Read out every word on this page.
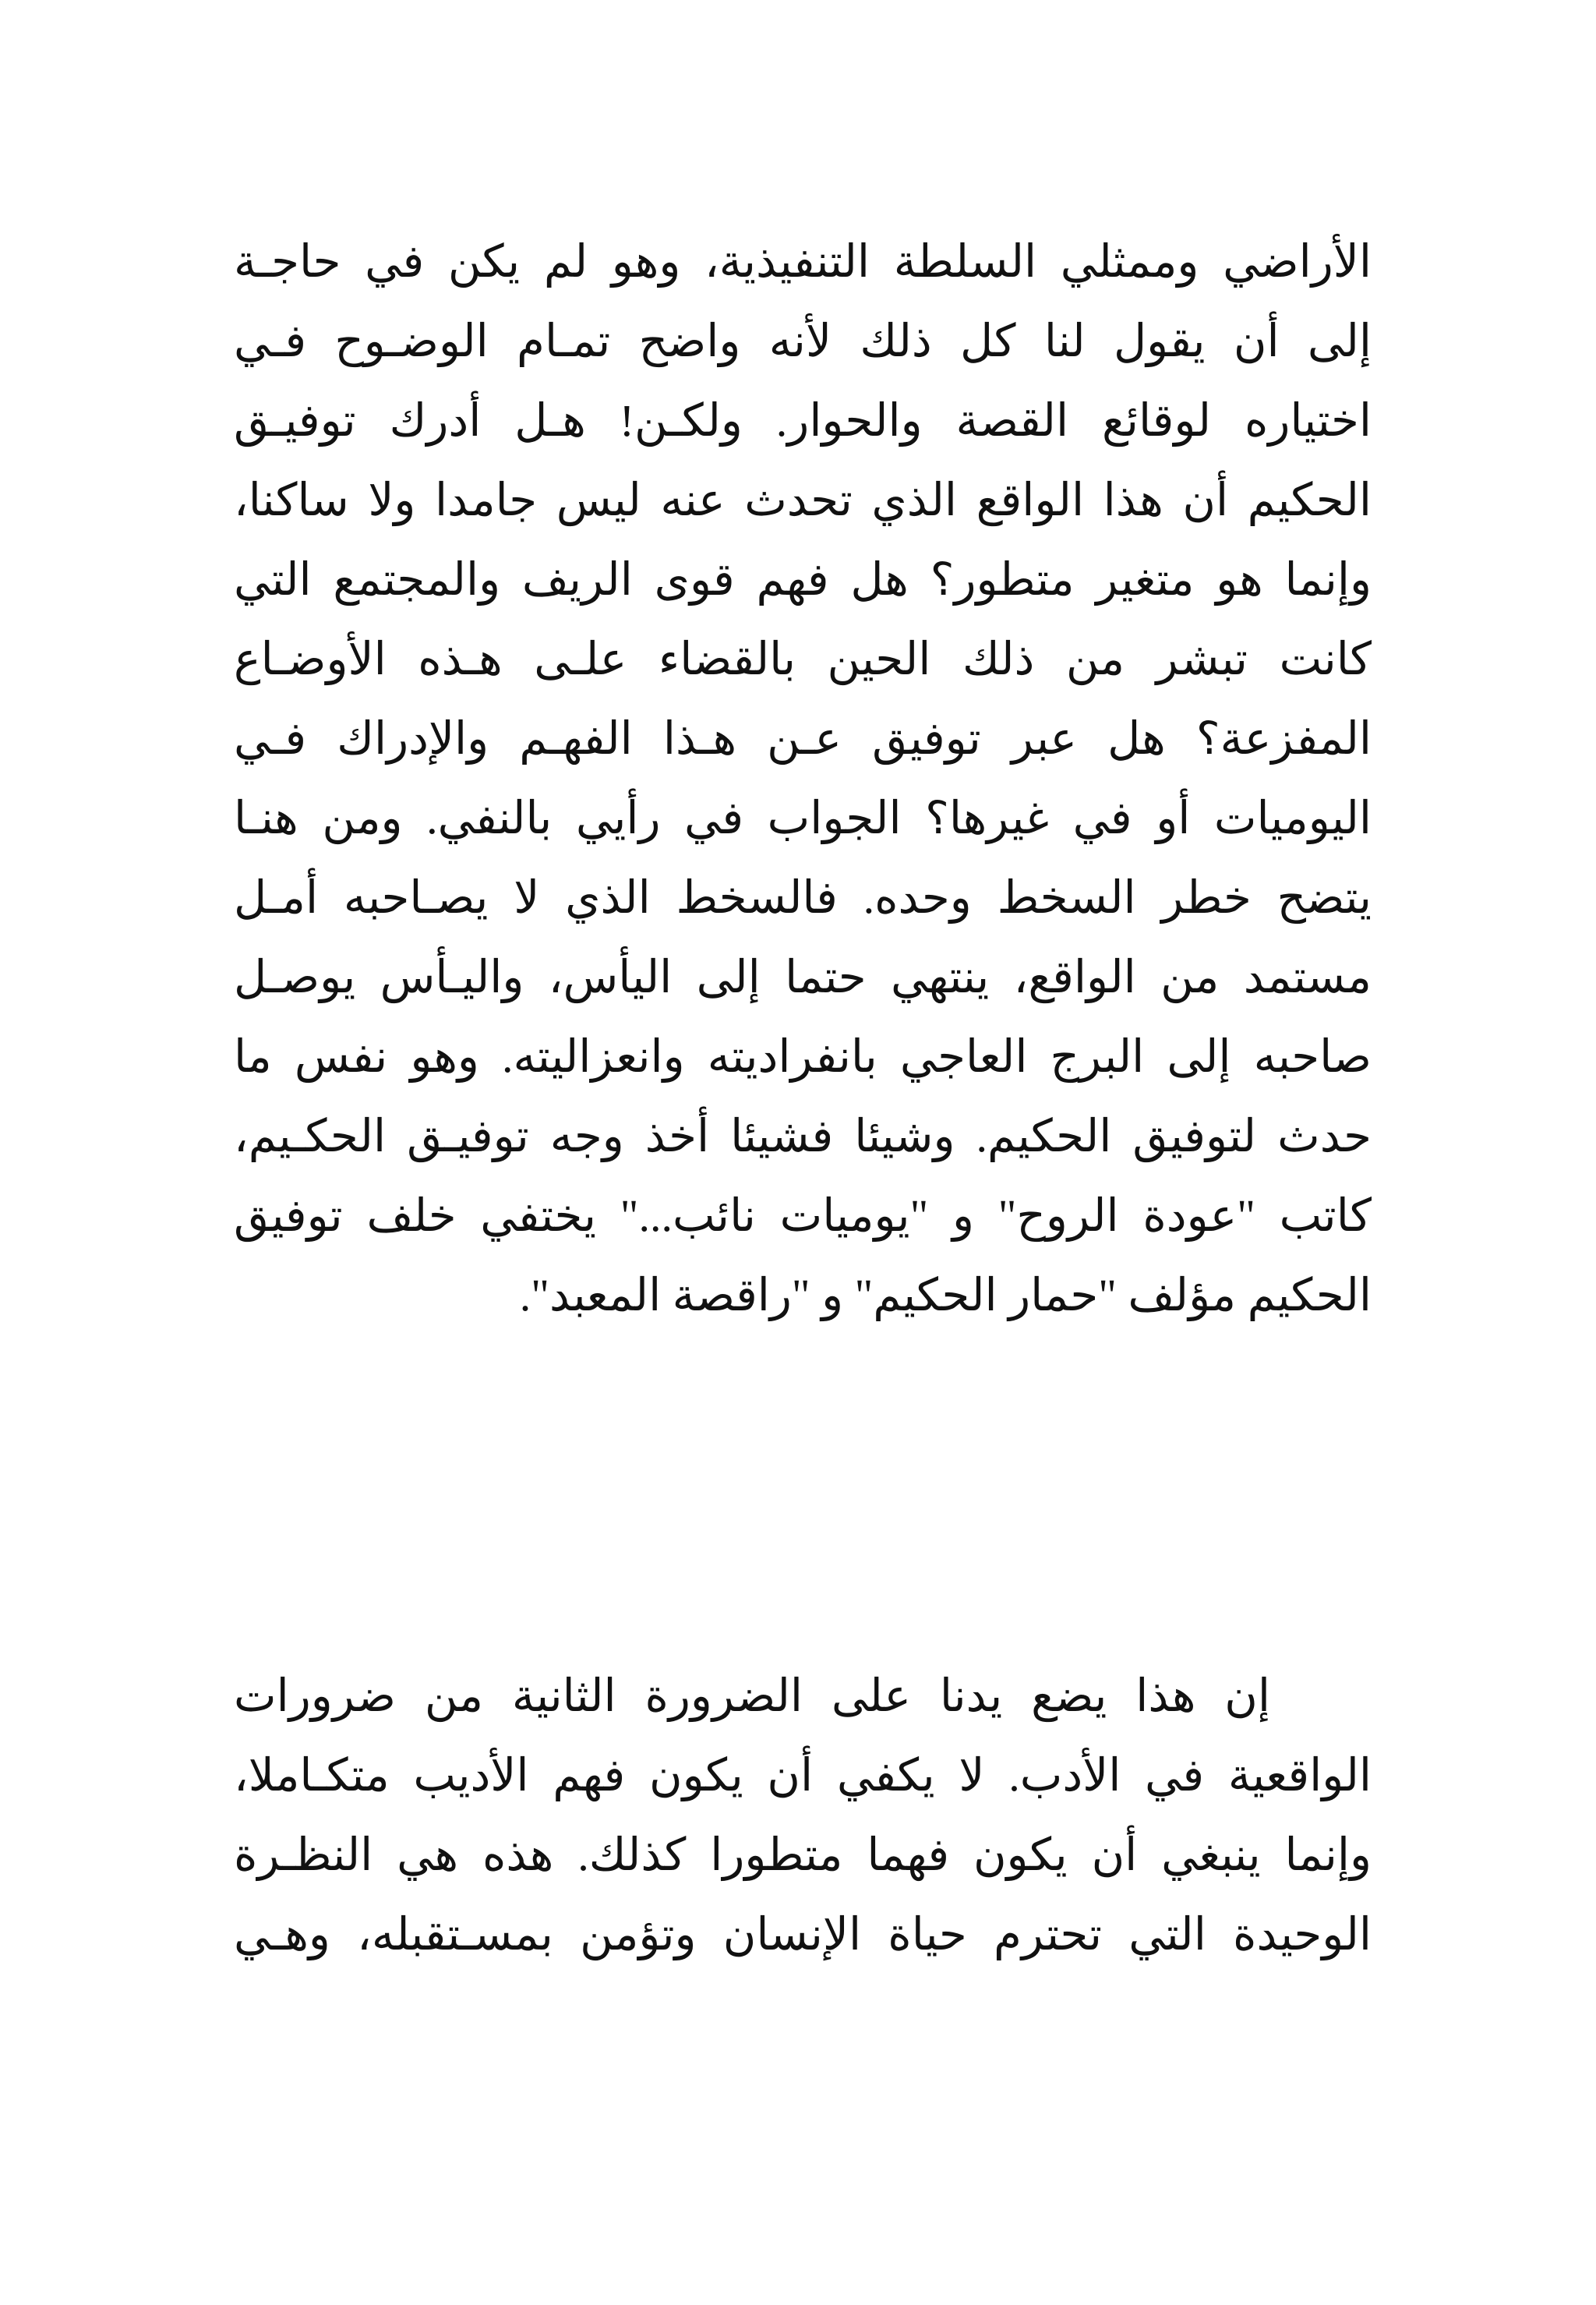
الأراضي وممثلي السلطة التنفيذية، وهو لم يكن في حاجـة
إلى أن يقول لنا كل ذلك لأنه واضح تمـام الوضـوح فـي
اختياره لوقائع القصة والحوار. ولكـن! هـل أدرك توفيـق
الحكيم أن هذا الواقع الذي تحدث عنه ليس جامدا ولا ساكنا،
وإنما هو متغير متطور؟ هل فهم قوى الريف والمجتمع التي
كانت تبشر من ذلك الحين بالقضاء علـى هـذه الأوضـاع
المفزعة؟ هل عبر توفيق عـن هـذا الفهـم والإدراك فـي
اليوميات أو في غيرها؟ الجواب في رأيي بالنفي. ومن هنـا
يتضح خطر السخط وحده. فالسخط الذي لا يصـاحبه أمـل
مستمد من الواقع، ينتهي حتما إلى اليأس، واليـأس يوصـل
صاحبه إلى البرج العاجي بانفراديته وانعزاليته. وهو نفس ما
حدث لتوفيق الحكيم. وشيئا فشيئا أخذ وجه توفيـق الحكـيم،
كاتب "عودة الروح" و "يوميات نائب..." يختفي خلف توفيق
الحكيم مؤلف "حمار الحكيم" و "راقصة المعبد".
إن هذا يضع يدنا على الضرورة الثانية من ضرورات
الواقعية في الأدب. لا يكفي أن يكون فهم الأديب متكـاملا،
وإنما ينبغي أن يكون فهما متطورا كذلك. هذه هي النظـرة
الوحيدة التي تحترم حياة الإنسان وتؤمن بمسـتقبله، وهـي
